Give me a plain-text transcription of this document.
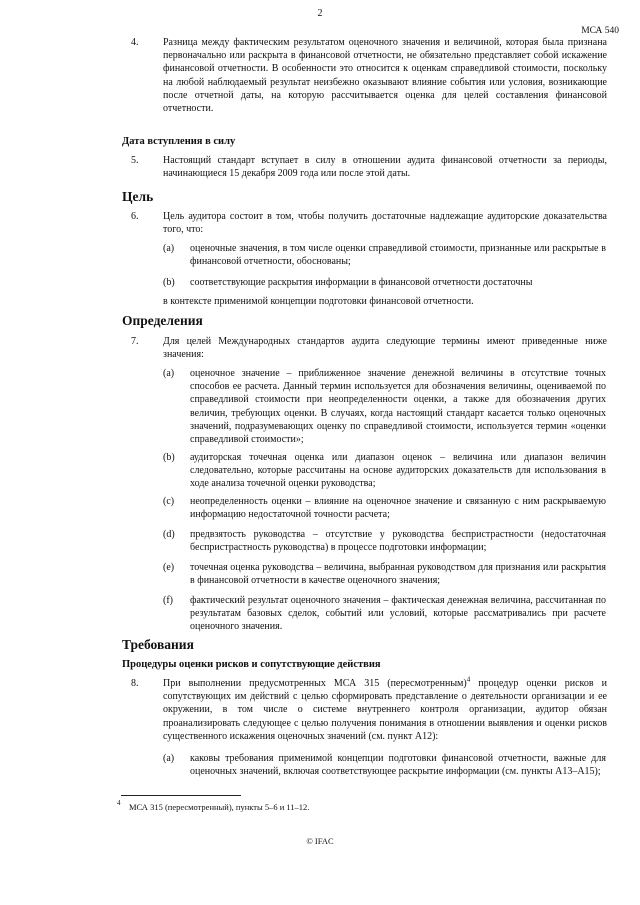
2
МСА 540
4.	Разница между фактическим результатом оценочного значения и величиной, которая была признана первоначально или раскрыта в финансовой отчетности, не обязательно представляет собой искажение финансовой отчетности. В особенности это относится к оценкам справедливой стоимости, поскольку на любой наблюдаемый результат неизбежно оказывают влияние события или условия, возникающие после отчетной даты, на которую рассчитывается оценка для целей составления финансовой отчетности.
Дата вступления в силу
5.	Настоящий стандарт вступает в силу в отношении аудита финансовой отчетности за периоды, начинающиеся 15 декабря 2009 года или после этой даты.
Цель
6.	Цель аудитора состоит в том, чтобы получить достаточные надлежащие аудиторские доказательства того, что:
(a)	оценочные значения, в том числе оценки справедливой стоимости, признанные или раскрытые в финансовой отчетности, обоснованы;
(b)	соответствующие раскрытия информации в финансовой отчетности достаточны
в контексте применимой концепции подготовки финансовой отчетности.
Определения
7.	Для целей Международных стандартов аудита следующие термины имеют приведенные ниже значения:
(a)	оценочное значение – приближенное значение денежной величины в отсутствие точных способов ее расчета. Данный термин используется для обозначения величины, оцениваемой по справедливой стоимости при неопределенности оценки, а также для обозначения других величин, требующих оценки. В случаях, когда настоящий стандарт касается только оценочных значений, подразумевающих оценку по справедливой стоимости, используется термин «оценки справедливой стоимости»;
(b)	аудиторская точечная оценка или диапазон оценок – величина или диапазон величин следовательно, которые рассчитаны на основе аудиторских доказательств для использования в ходе анализа точечной оценки руководства;
(c)	неопределенность оценки – влияние на оценочное значение и связанную с ним раскрываемую информацию недостаточной точности расчета;
(d)	предвзятость руководства – отсутствие у руководства беспристрастности (недостаточная беспристрастность руководства) в процессе подготовки информации;
(e)	точечная оценка руководства – величина, выбранная руководством для признания или раскрытия в финансовой отчетности в качестве оценочного значения;
(f)	фактический результат оценочного значения – фактическая денежная величина, рассчитанная по результатам базовых сделок, событий или условий, которые рассматривались при расчете оценочного значения.
Требования
Процедуры оценки рисков и сопутствующие действия
8.	При выполнении предусмотренных МСА 315 (пересмотренным)$^4$ процедур оценки рисков и сопутствующих им действий с целью сформировать представление о деятельности организации и ее окружении, в том числе о системе внутреннего контроля организации, аудитор обязан проанализировать следующее с целью получения понимания в отношении выявления и оценки рисков существенного искажения оценочных значений (см. пункт А12):
(a)	каковы требования применимой концепции подготовки финансовой отчетности, важные для оценочных значений, включая соответствующее раскрытие информации (см. пункты А13–А15);
4 МСА 315 (пересмотренный), пункты 5–6 и 11–12.
© IFAC
